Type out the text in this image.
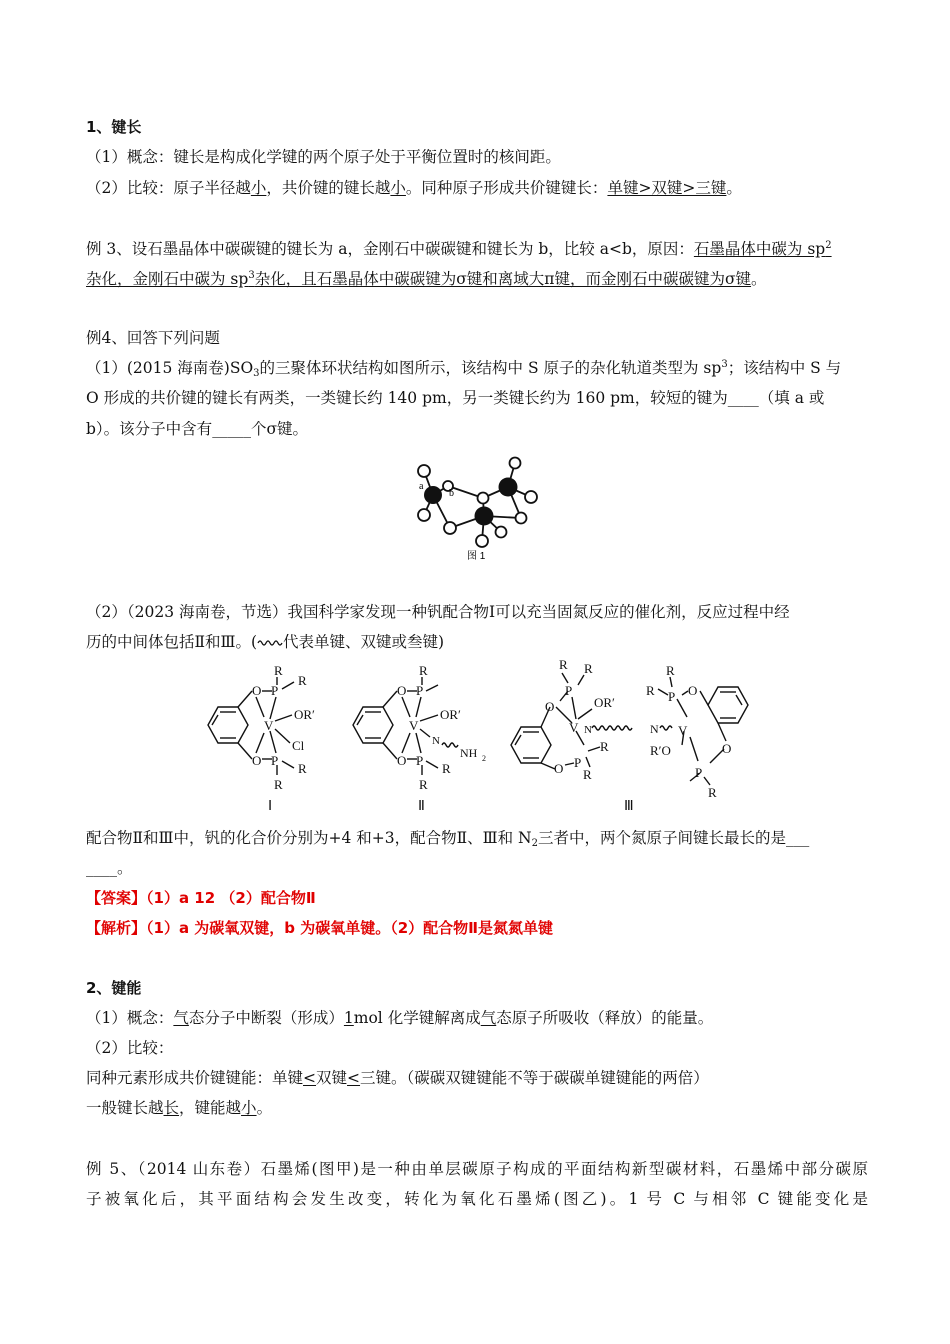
1、键长
（1）概念：键长是构成化学键的两个原子处于平衡位置时的核间距。
（2）比较：原子半径越小，共价键的键长越小。同种原子形成共价键键长：单键>双键>三键。
例 3、设石墨晶体中碳碳键的键长为 a，金刚石中碳碳键和键长为 b，比较 a<b，原因：石墨晶体中碳为 $sp^2$
杂化，金刚石中碳为 $sp^3$杂化，且石墨晶体中碳碳键为σ键和离域大π键，而金刚石中碳碳键为σ键。
例4、回答下列问题
（1）(2015 海南卷)$SO_3$的三聚体环状结构如图所示，该结构中 S 原子的杂化轨道类型为 $sp^3$；该结构中 S 与
O 形成的共价键的键长有两类，一类键长约 140 pm，另一类键长约为 160 pm，较短的键为____（填 a 或
b）。该分子中含有_____个σ键。
a
b
图 1
（2）（2023 海南卷，节选）我国科学家发现一种钒配合物Ⅰ可以充当固氮反应的催化剂，反应过程中经
历的中间体包括Ⅱ和Ⅲ。( 代表单键、双键或叁键)
R
R
O P
V
OR′
Cl
O P
R
R
Ⅰ
R
O P
V
OR′
N
NH 2
O P
R
R
Ⅱ
R R
P
O	OR′
V N	N
P
R
R
O
R
R P O
V
R′O	O
P
R
Ⅲ
配合物Ⅱ和Ⅲ中，钒的化合价分别为+4 和+3，配合物Ⅱ、Ⅲ和 $N_2$三者中，两个氮原子间键长最长的是___
____。
【答案】（1）a 12 （2）配合物Ⅱ
【解析】（1）a 为碳氧双键，b 为碳氧单键。（2）配合物Ⅱ是氮氮单键
2、键能
（1）概念：气态分子中断裂（形成）1mol 化学键解离成气态原子所吸收（释放）的能量。
（2）比较：
同种元素形成共价键键能：单键<双键<三键。（碳碳双键键能不等于碳碳单键键能的两倍）
一般键长越长，键能越小。
例 5、（2014 山东卷）石墨烯(图甲)是一种由单层碳原子构成的平面结构新型碳材料，石墨烯中部分碳原
子被氧化后，其平面结构会发生改变，转化为氧化石墨烯(图乙)。1 号 C 与相邻 C 键能变化是
